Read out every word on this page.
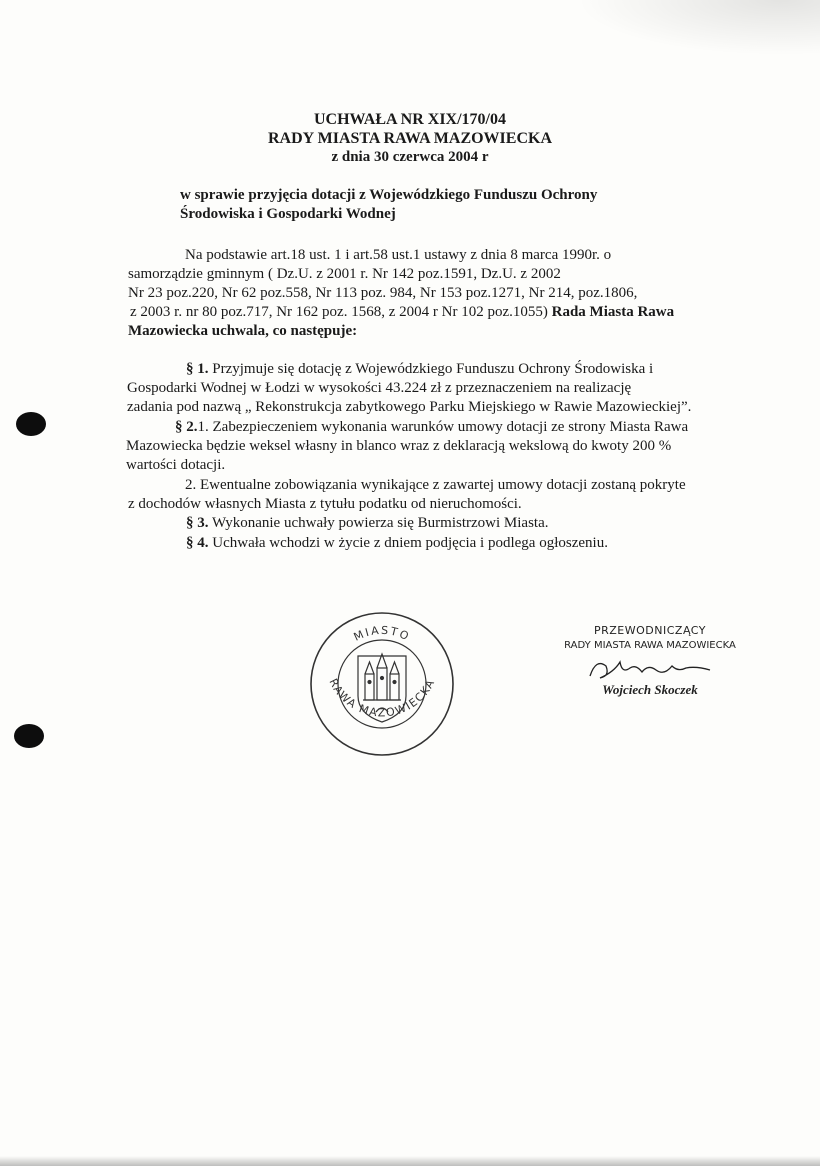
UCHWAŁA NR XIX/170/04
RADY MIASTA RAWA MAZOWIECKA
z dnia 30 czerwca 2004 r
w sprawie przyjęcia dotacji z Wojewódzkiego Funduszu Ochrony
Środowiska i Gospodarki Wodnej
Na podstawie art.18 ust. 1 i art.58 ust.1 ustawy z dnia 8 marca 1990r. o
samorządzie gminnym ( Dz.U. z 2001 r. Nr 142 poz.1591, Dz.U. z 2002
Nr 23 poz.220, Nr 62 poz.558, Nr 113 poz. 984, Nr 153 poz.1271, Nr 214, poz.1806,
z 2003 r. nr 80 poz.717, Nr 162 poz. 1568, z 2004 r Nr 102 poz.1055) Rada Miasta Rawa
Mazowiecka uchwala, co następuje:
§ 1. Przyjmuje się dotację z Wojewódzkiego Funduszu Ochrony Środowiska i
Gospodarki Wodnej w Łodzi w wysokości 43.224 zł z przeznaczeniem na realizację
zadania pod nazwą „ Rekonstrukcja zabytkowego Parku Miejskiego w Rawie Mazowieckiej”.
§ 2.1. Zabezpieczeniem wykonania warunków umowy dotacji ze strony Miasta Rawa
Mazowiecka będzie weksel własny in blanco wraz z deklaracją wekslową do kwoty 200 %
wartości dotacji.
2. Ewentualne zobowiązania wynikające z zawartej umowy dotacji zostaną pokryte
z dochodów własnych Miasta z tytułu podatku od nieruchomości.
§ 3. Wykonanie uchwały powierza się Burmistrzowi Miasta.
§ 4. Uchwała wchodzi w życie z dniem podjęcia i podlega ogłoszeniu.
MIASTO
RAWA MAZOWIECKA
PRZEWODNICZĄCY
RADY MIASTA RAWA MAZOWIECKA
Wojciech Skoczek
